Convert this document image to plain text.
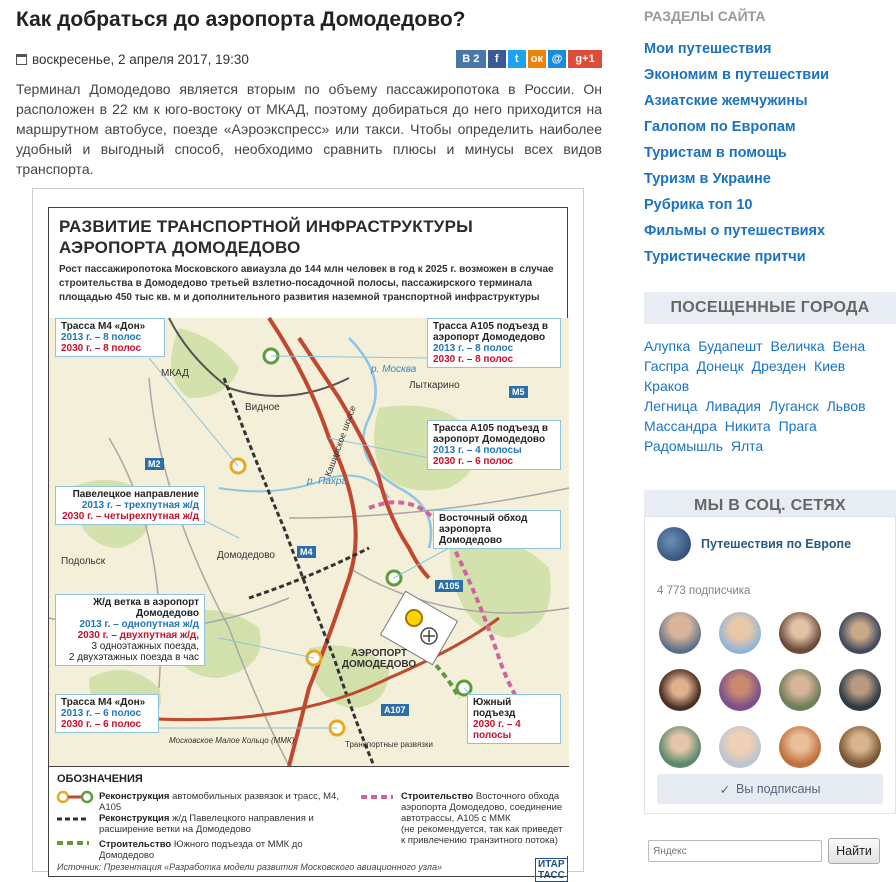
Как добраться до аэропорта Домодедово?
воскресенье, 2 апреля 2017, 19:30	В 2	f	t	ок @	g+1

Терминал Домодедово является вторым по объему пассажиропотока в России. Он расположен в 22 км к юго-востоку от МКАД, поэтому добираться до него приходится на маршрутном автобусе, поезде «Аэроэкспресс» или такси. Чтобы определить наиболее удобный и выгодный способ, необходимо сравнить плюсы и минусы всех видов транспорта.

РАЗВИТИЕ ТРАНСПОРТНОЙ ИНФРАСТРУКТУРЫ
АЭРОПОРТА ДОМОДЕДОВО
Рост пассажиропотока Московского авиаузла до 144 млн человек в год к 2025 г. возможен в случае строительства в Домодедово третьей взлетно-посадочной полосы, пассажирского терминала площадью 450 тыс кв. м и дополнительного развития наземной транспортной инфраструктуры
МКАД
Видное
р. Москва
Лыткарино
Каширское шоссе
р. Пахра
Подольск
Домодедово
АЭРОПОРТ ДОМОДЕДОВО
Московское Малое Кольцо (ММК)	Транспортные развязки
М5
М2
М4
А105
А107
Трасса М4 «Дон»
2013 г. – 8 полос
2030 г. – 8 полос
Трасса А105 подъезд в аэропорт Домодедово
2013 г. – 8 полос
2030 г. – 8 полос
Трасса А105 подъезд в аэропорт Домодедово
2013 г. – 4 полосы
2030 г. – 6 полос
Павелецкое направление
2013 г. – трехпутная ж/д
2030 г. – четырехпутная ж/д	Восточный обход аэропорта Домодедово
Ж/д ветка в аэропорт Домодедово
2013 г. – однопутная ж/д
2030 г. – двухпутная ж/д,
3 одноэтажных поезда,
2 двухэтажных поезда в час
Трасса М4 «Дон»
2013 г. – 6 полос
2030 г. – 6 полос
Южный подъезд
2030 г. – 4 полосы
ОБОЗНАЧЕНИЯ
Реконструкция автомобильных развязок и трасс, М4, А105
Реконструкция ж/д Павелецкого направления и расширение ветки на Домодедово
Строительство Южного подъезда от ММК до Домодедово
Строительство Восточного обхода аэропорта Домодедово, соединение автотрассы, А105 с ММК
(не рекомендуется, так как приведет к привлечению транзитного потока)
Источник: Презентация «Разработка модели развития Московского авиационного узла»	ИТАР ТАСС
РАЗДЕЛЫ САЙТА
Мои путешествия
Экономим в путешествии
Азиатские жемчужины
Галопом по Европам
Туристам в помощь
Туризм в Украине
Рубрика топ 10
Фильмы о путешествиях
Туристические притчи
ПОСЕЩЕННЫЕ ГОРОДА
Алупка Будапешт Величка Вена
Гаспра Донецк Дрезден Киев Краков
Легница Ливадия Луганск Львов
Массандра Никита Прага
Радомышль Ялта
МЫ В СОЦ. СЕТЯХ
Путешествия по Европе
4 773 подписчика
✓ Вы подписаны
Яндекс
Найти
